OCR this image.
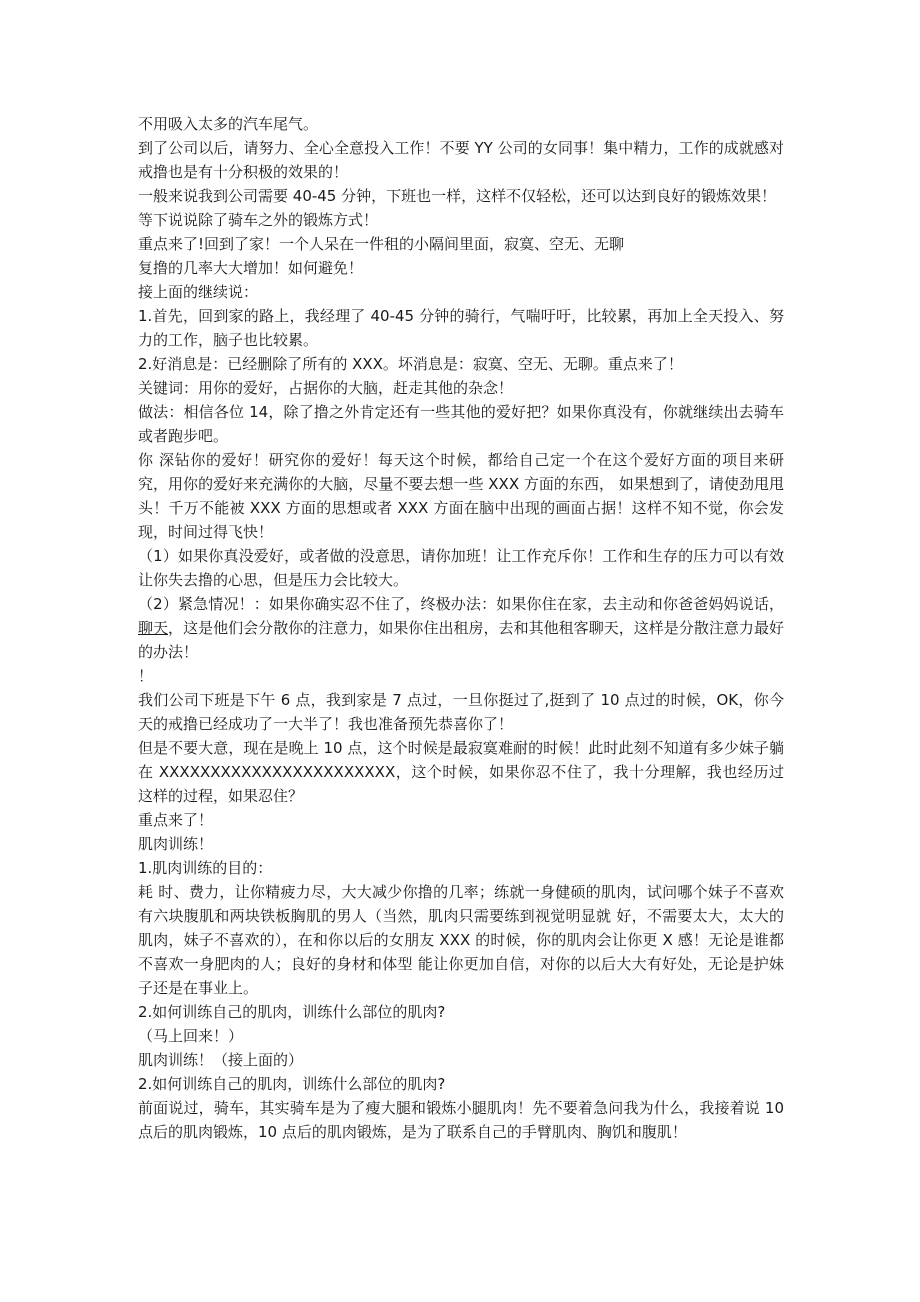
不用吸入太多的汽车尾气。

到了公司以后，请努力、全心全意投入工作！不要 YY 公司的女同事！集中精力，工作的成就感对戒撸也是有十分积极的效果的！

一般来说我到公司需要 40-45 分钟，下班也一样，这样不仅轻松，还可以达到良好的锻炼效果！

等下说说除了骑车之外的锻炼方式！

重点来了!回到了家！一个人呆在一件租的小隔间里面，寂寞、空无、无聊

复撸的几率大大增加！如何避免！

接上面的继续说：

1.首先，回到家的路上，我经理了 40-45 分钟的骑行，气喘吁吁，比较累，再加上全天投入、努力的工作，脑子也比较累。

2.好消息是：已经删除了所有的 XXX。坏消息是：寂寞、空无、无聊。重点来了！

关键词：用你的爱好，占据你的大脑，赶走其他的杂念！

做法：相信各位 14，除了撸之外肯定还有一些其他的爱好把？如果你真没有，你就继续出去骑车或者跑步吧。

你 深钻你的爱好！研究你的爱好！每天这个时候，都给自己定一个在这个爱好方面的项目来研究，用你的爱好来充满你的大脑，尽量不要去想一些 XXX 方面的东西， 如果想到了，请使劲甩甩头！千万不能被 XXX 方面的思想或者 XXX 方面在脑中出现的画面占据！这样不知不觉，你会发现，时间过得飞快！

（1）如果你真没爱好，或者做的没意思，请你加班！让工作充斥你！工作和生存的压力可以有效让你失去撸的心思，但是压力会比较大。

（2）紧急情况！：如果你确实忍不住了，终极办法：如果你住在家，去主动和你爸爸妈妈说话，聊天，这是他们会分散你的注意力，如果你住出租房，去和其他租客聊天，这样是分散注意力最好的办法！

！

我们公司下班是下午 6 点，我到家是 7 点过，一旦你挺过了,挺到了 10 点过的时候，OK，你今天的戒撸已经成功了一大半了！我也准备预先恭喜你了！

但是不要大意，现在是晚上 10 点，这个时候是最寂寞难耐的时候！此时此刻不知道有多少妹子躺在 XXXXXXXXXXXXXXXXXXXXXXX，这个时候，如果你忍不住了，我十分理解，我也经历过这样的过程，如果忍住？

重点来了！

肌肉训练！

1.肌肉训练的目的：

耗 时、费力，让你精疲力尽，大大减少你撸的几率；练就一身健硕的肌肉，试问哪个妹子不喜欢有六块腹肌和两块铁板胸肌的男人（当然，肌肉只需要练到视觉明显就 好，不需要太大，太大的肌肉，妹子不喜欢的），在和你以后的女朋友 XXX 的时候，你的肌肉会让你更 X 感！无论是谁都不喜欢一身肥肉的人；良好的身材和体型 能让你更加自信，对你的以后大大有好处，无论是护妹子还是在事业上。

2.如何训练自己的肌肉，训练什么部位的肌肉?

（马上回来！）

肌肉训练！（接上面的）

2.如何训练自己的肌肉，训练什么部位的肌肉?

前面说过，骑车，其实骑车是为了瘦大腿和锻炼小腿肌肉！先不要着急问我为什么，我接着说 10 点后的肌肉锻炼，10 点后的肌肉锻炼，是为了联系自己的手臂肌肉、胸饥和腹肌！
